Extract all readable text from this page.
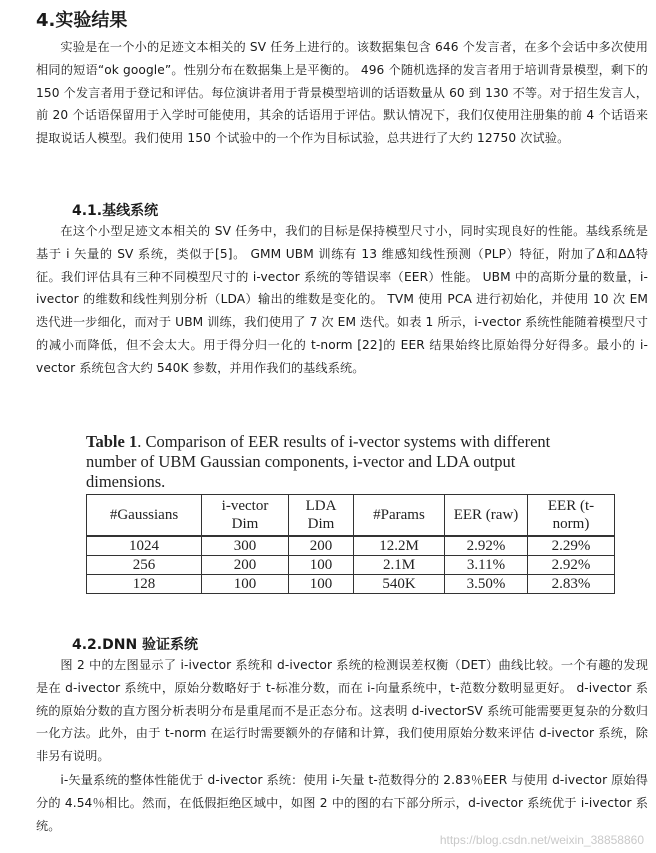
4.实验结果

实验是在一个小的足迹文本相关的 SV 任务上进行的。该数据集包含 646 个发言者，在多个会话中多次使用相同的短语“ok google”。性别分布在数据集上是平衡的。 496 个随机选择的发言者用于培训背景模型，剩下的 150 个发言者用于登记和评估。每位演讲者用于背景模型培训的话语数量从 60 到 130 不等。对于招生发言人，前 20 个话语保留用于入学时可能使用，其余的话语用于评估。默认情况下，我们仅使用注册集的前 4 个话语来提取说话人模型。我们使用 150 个试验中的一个作为目标试验，总共进行了大约 12750 次试验。

4.1.基线系统

在这个小型足迹文本相关的 SV 任务中，我们的目标是保持模型尺寸小，同时实现良好的性能。基线系统是基于 i 矢量的 SV 系统，类似于[5]。 GMM UBM 训练有 13 维感知线性预测（PLP）特征，附加了Δ和ΔΔ特征。我们评估具有三种不同模型尺寸的 i-vector 系统的等错误率（EER）性能。 UBM 中的高斯分量的数量，i-ivector 的维数和线性判别分析（LDA）输出的维数是变化的。 TVM 使用 PCA 进行初始化，并使用 10 次 EM 迭代进一步细化，而对于 UBM 训练，我们使用了 7 次 EM 迭代。如表 1 所示，i-vector 系统性能随着模型尺寸的减小而降低，但不会太大。用于得分归一化的 t-norm [22]的 EER 结果始终比原始得分好得多。最小的 i-vector 系统包含大约 540K 参数，并用作我们的基线系统。

Table 1. Comparison of EER results of i-vector systems with different number of UBM Gaussian components, i-vector and LDA output dimensions.
#Gaussians	i-vector Dim	LDA Dim	#Params	EER (raw)	EER (t-norm)
1024	300	200	12.2M	2.92%	2.29%
256	200	100	2.1M	3.11%	2.92%
128	100	100	540K	3.50%	2.83%
4.2.DNN 验证系统

图 2 中的左图显示了 i-ivector 系统和 d-ivector 系统的检测误差权衡（DET）曲线比较。一个有趣的发现是在 d-ivector 系统中，原始分数略好于 t-标准分数，而在 i-向量系统中，t-范数分数明显更好。 d-ivector 系统的原始分数的直方图分析表明分布是重尾而不是正态分布。这表明 d-ivectorSV 系统可能需要更复杂的分数归一化方法。此外，由于 t-norm 在运行时需要额外的存储和计算，我们使用原始分数来评估 d-ivector 系统，除非另有说明。

i-矢量系统的整体性能优于 d-ivector 系统：使用 i-矢量 t-范数得分的 2.83％EER 与使用 d-ivector 原始得分的 4.54％相比。然而，在低假拒绝区域中，如图 2 中的图的右下部分所示，d-ivector 系统优于 i-ivector 系统。

https://blog.csdn.net/weixin_38858860
